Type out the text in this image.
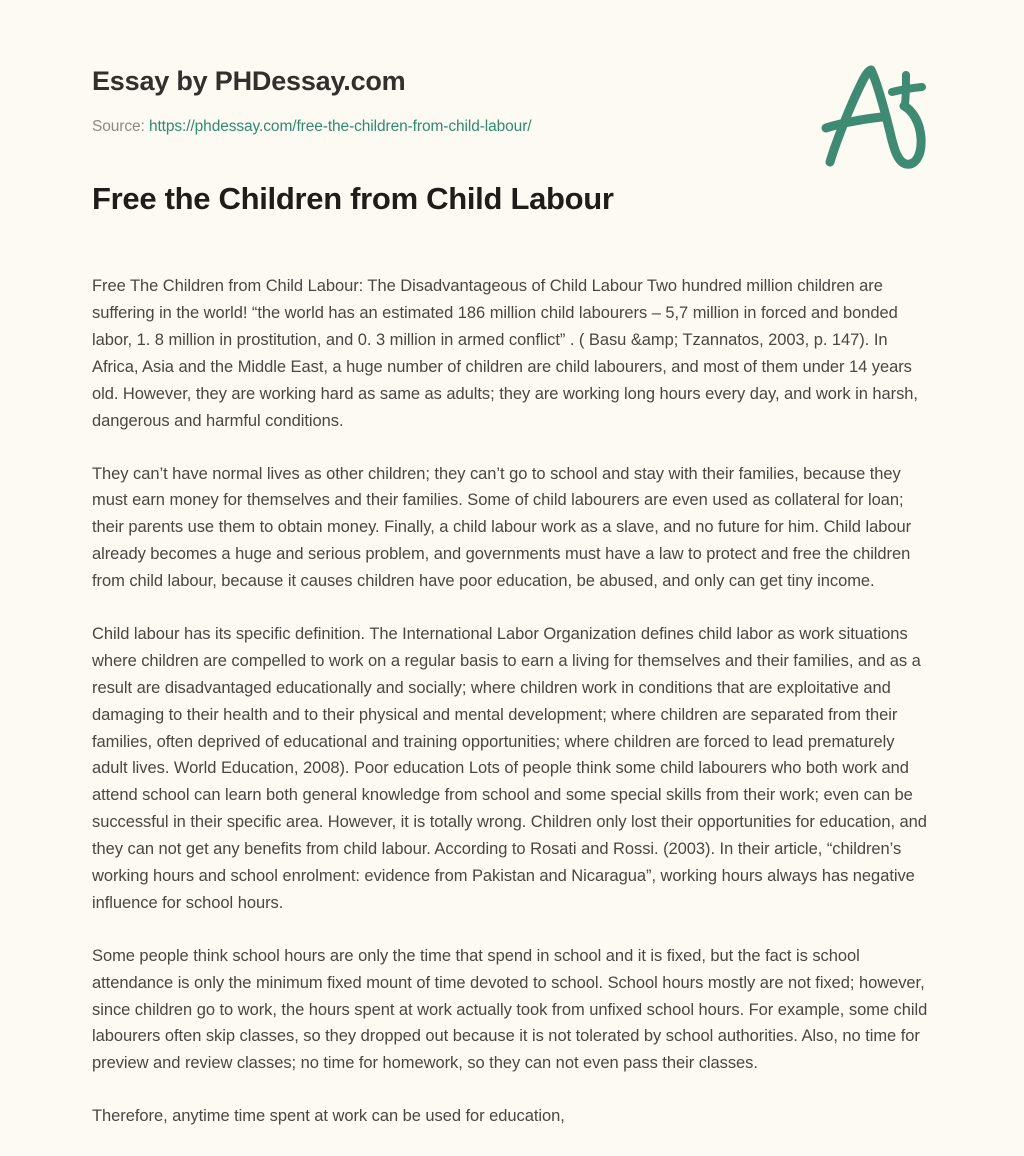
Essay by PHDessay.com
Source: https://phdessay.com/free-the-children-from-child-labour/
Free the Children from Child Labour

Free The Children from Child Labour: The Disadvantageous of Child Labour Two hundred million children are suffering in the world! “the world has an estimated 186 million child labourers – 5,7 million in forced and bonded labor, 1. 8 million in prostitution, and 0. 3 million in armed conflict” . ( Basu &amp; Tzannatos, 2003, p. 147). In Africa, Asia and the Middle East, a huge number of children are child labourers, and most of them under 14 years old. However, they are working hard as same as adults; they are working long hours every day, and work in harsh, dangerous and harmful conditions.

They can’t have normal lives as other children; they can’t go to school and stay with their families, because they must earn money for themselves and their families. Some of child labourers are even used as collateral for loan; their parents use them to obtain money. Finally, a child labour work as a slave, and no future for him. Child labour already becomes a huge and serious problem, and governments must have a law to protect and free the children from child labour, because it causes children have poor education, be abused, and only can get tiny income.

Child labour has its specific definition. The International Labor Organization defines child labor as work situations where children are compelled to work on a regular basis to earn a living for themselves and their families, and as a result are disadvantaged educationally and socially; where children work in conditions that are exploitative and damaging to their health and to their physical and mental development; where children are separated from their families, often deprived of educational and training opportunities; where children are forced to lead prematurely adult lives. World Education, 2008). Poor education Lots of people think some child labourers who both work and attend school can learn both general knowledge from school and some special skills from their work; even can be successful in their specific area. However, it is totally wrong. Children only lost their opportunities for education, and they can not get any benefits from child labour. According to Rosati and Rossi. (2003). In their article, “children’s working hours and school enrolment: evidence from Pakistan and Nicaragua”, working hours always has negative influence for school hours.

Some people think school hours are only the time that spend in school and it is fixed, but the fact is school attendance is only the minimum fixed mount of time devoted to school. School hours mostly are not fixed; however, since children go to work, the hours spent at work actually took from unfixed school hours. For example, some child labourers often skip classes, so they dropped out because it is not tolerated by school authorities. Also, no time for preview and review classes; no time for homework, so they can not even pass their classes.

Therefore, anytime time spent at work can be used for education,
